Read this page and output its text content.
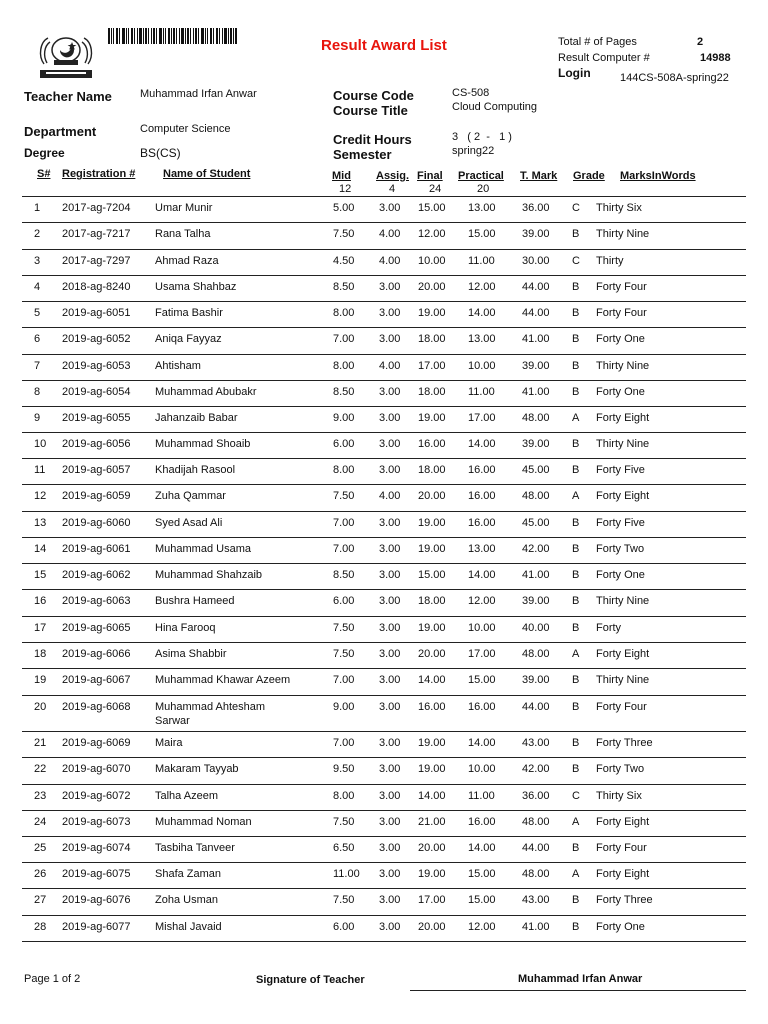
Result Award List	Total # of Pages	2
Result Computer #	14988
Login	144CS-508A-spring22
Teacher Name	Muhammad Irfan Anwar
Department	Computer Science
Degree	BS(CS)
Course Code	CS-508
Course Title	Cloud Computing
Credit Hours	3   ( 2  -   1 )
Semester	spring22
S# Registration #	Name of Student	Mid Assig. Final Practical T. Mark Grade MarksInWords
12	4	24	20
1 2017-ag-7204 Umar Munir	5.00 3.00 15.00 13.00 36.00 C Thirty Six
2 2017-ag-7217 Rana Talha	7.50 4.00 12.00 15.00 39.00 B Thirty Nine
3 2017-ag-7297 Ahmad Raza	4.50 4.00 10.00 11.00 30.00 C Thirty
4 2018-ag-8240 Usama Shahbaz	8.50 3.00 20.00 12.00 44.00 B Forty Four
5 2019-ag-6051 Fatima Bashir	8.00 3.00 19.00 14.00 44.00 B Forty Four
6 2019-ag-6052 Aniqa Fayyaz	7.00 3.00 18.00 13.00 41.00 B Forty One
7 2019-ag-6053 Ahtisham	8.00 4.00 17.00 10.00 39.00 B Thirty Nine
8 2019-ag-6054 Muhammad Abubakr	8.50 3.00 18.00 11.00 41.00 B Forty One
9 2019-ag-6055 Jahanzaib Babar	9.00 3.00 19.00 17.00 48.00 A Forty Eight
10 2019-ag-6056 Muhammad Shoaib	6.00 3.00 16.00 14.00 39.00 B Thirty Nine
11 2019-ag-6057 Khadijah Rasool	8.00 3.00 18.00 16.00 45.00 B Forty Five
12 2019-ag-6059 Zuha Qammar	7.50 4.00 20.00 16.00 48.00 A Forty Eight
13 2019-ag-6060 Syed Asad Ali	7.00 3.00 19.00 16.00 45.00 B Forty Five
14 2019-ag-6061 Muhammad Usama	7.00 3.00 19.00 13.00 42.00 B Forty Two
15 2019-ag-6062 Muhammad Shahzaib	8.50 3.00 15.00 14.00 41.00 B Forty One
16 2019-ag-6063 Bushra Hameed	6.00 3.00 18.00 12.00 39.00 B Thirty Nine
17 2019-ag-6065 Hina Farooq	7.50 3.00 19.00 10.00 40.00 B Forty
18 2019-ag-6066 Asima Shabbir	7.50 3.00 20.00 17.00 48.00 A Forty Eight
19 2019-ag-6067 Muhammad Khawar Azeem	7.00 3.00 14.00 15.00 39.00 B Thirty Nine
20 2019-ag-6068 Muhammad Ahtesham	9.00 3.00 16.00 16.00 44.00 B Forty Four
Sarwar
21 2019-ag-6069 Maira	7.00 3.00 19.00 14.00 43.00 B Forty Three
22 2019-ag-6070 Makaram Tayyab	9.50 3.00 19.00 10.00 42.00 B Forty Two
23 2019-ag-6072 Talha Azeem	8.00 3.00 14.00 11.00 36.00 C Thirty Six
24 2019-ag-6073 Muhammad Noman	7.50 3.00 21.00 16.00 48.00 A Forty Eight
25 2019-ag-6074 Tasbiha Tanveer	6.50 3.00 20.00 14.00 44.00 B Forty Four
26 2019-ag-6075 Shafa Zaman	11.00 3.00 19.00 15.00 48.00 A Forty Eight
27 2019-ag-6076 Zoha Usman	7.50 3.00 17.00 15.00 43.00 B Forty Three
28 2019-ag-6077 Mishal Javaid	6.00 3.00 20.00 12.00 41.00 B Forty One
Page 1 of 2	Signature of Teacher	Muhammad Irfan Anwar
